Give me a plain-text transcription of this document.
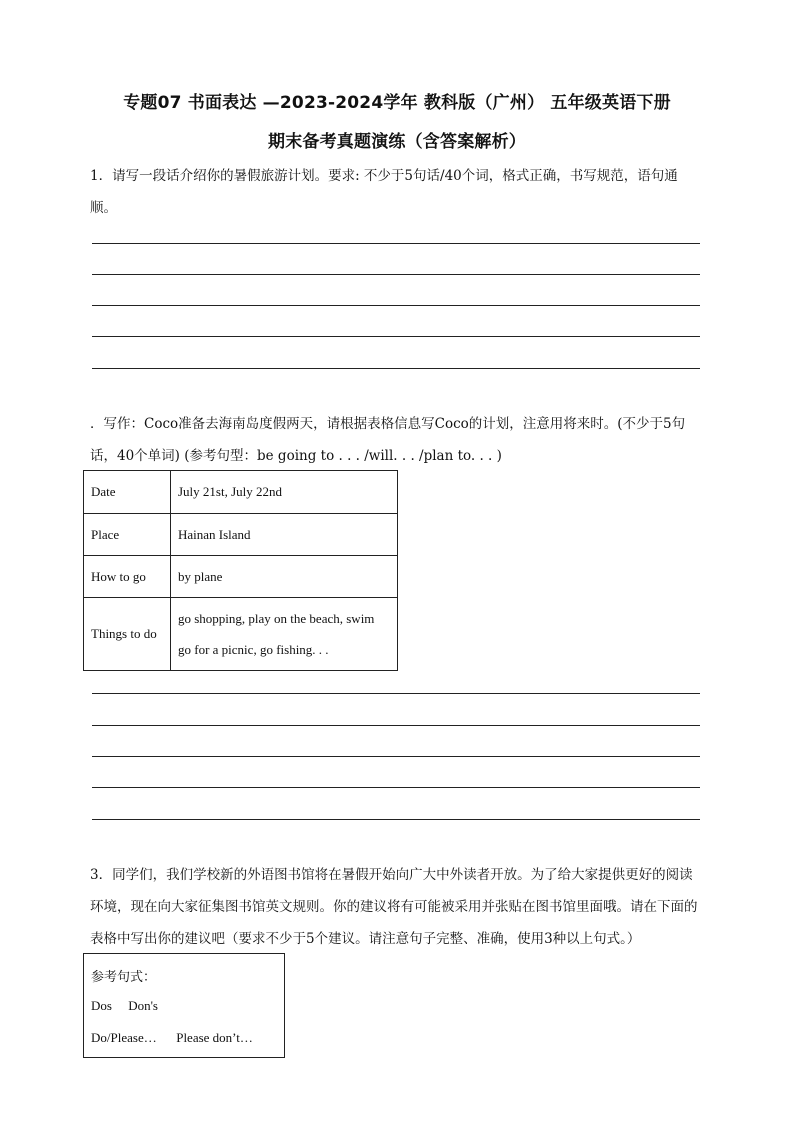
专题07 书面表达 —2023-2024学年 教科版（广州） 五年级英语下册
期末备考真题演练（含答案解析）
1．请写一段话介绍你的暑假旅游计划。要求: 不少于5句话/40个词，格式正确，书写规范，语句通顺。
．写作：Coco准备去海南岛度假两天，请根据表格信息写Coco的计划，注意用将来时。(不少于5句话，40个单词) (参考句型：be going to . . . /will. . . /plan to. . . )
Date	July 21st, July 22nd
Place	Hainan Island
How to go	by plane
Things to do	go shopping, play on the beach, swim
go for a picnic, go fishing. . .
3．同学们，我们学校新的外语图书馆将在暑假开始向广大中外读者开放。为了给大家提供更好的阅读环境，现在向大家征集图书馆英文规则。你的建议将有可能被采用并张贴在图书馆里面哦。请在下面的表格中写出你的建议吧（要求不少于5个建议。请注意句子完整、准确，使用3种以上句式。）
参考句式：
Dos     Don's
Do/Please…      Please don’t…
